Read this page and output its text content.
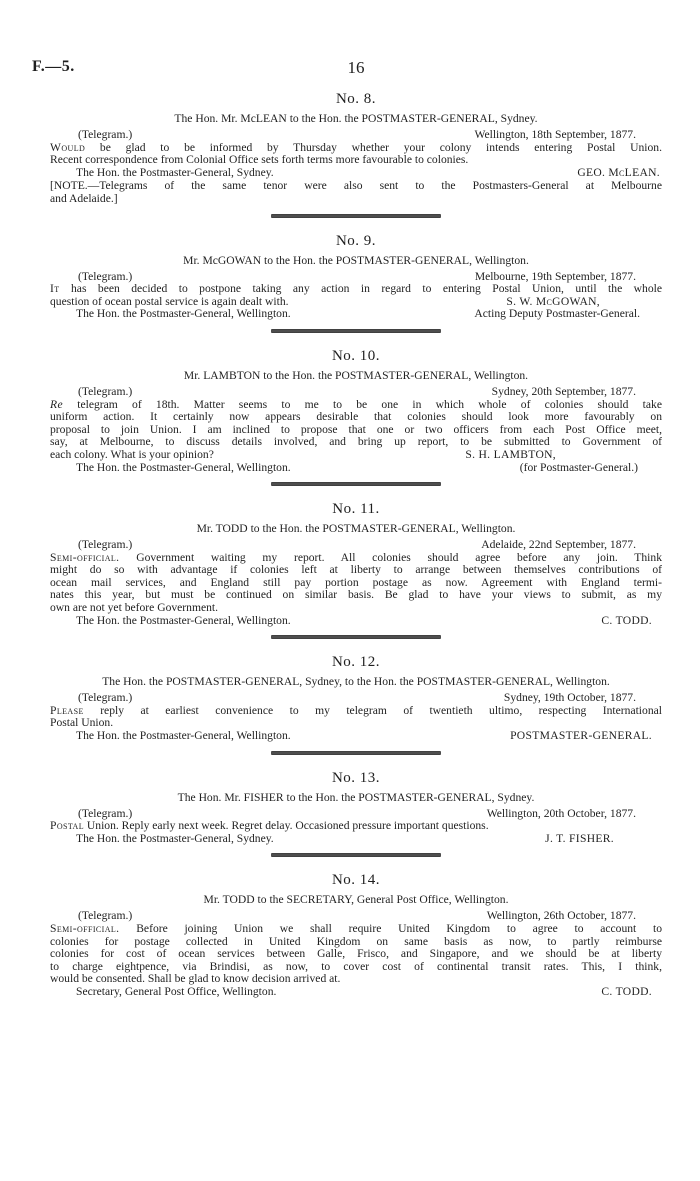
F.—5.	16
No. 8.
The Hon. Mr. McLEAN to the Hon. the POSTMASTER-GENERAL, Sydney.
(Telegram.)	Wellington, 18th September, 1877.
Would be glad to be informed by Thursday whether your colony intends entering Postal Union.
Recent correspondence from Colonial Office sets forth terms more favourable to colonies.
The Hon. the Postmaster-General, Sydney.	GEO. McLEAN.
[NOTE.—Telegrams of the same tenor were also sent to the Postmasters-General at Melbourne
and Adelaide.]
No. 9.
Mr. McGOWAN to the Hon. the POSTMASTER-GENERAL, Wellington.
(Telegram.)	Melbourne, 19th September, 1877.
It has been decided to postpone taking any action in regard to entering Postal Union, until the whole
question of ocean postal service is again dealt with.	S. W. McGOWAN,
The Hon. the Postmaster-General, Wellington.	Acting Deputy Postmaster-General.
No. 10.
Mr. LAMBTON to the Hon. the POSTMASTER-GENERAL, Wellington.
(Telegram.)	Sydney, 20th September, 1877.
Re telegram of 18th. Matter seems to me to be one in which whole of colonies should take
uniform action. It certainly now appears desirable that colonies should look more favourably on
proposal to join Union. I am inclined to propose that one or two officers from each Post Office meet,
say, at Melbourne, to discuss details involved, and bring up report, to be submitted to Government of
each colony. What is your opinion?	S. H. LAMBTON,
The Hon. the Postmaster-General, Wellington.	(for Postmaster-General.)
No. 11.
Mr. TODD to the Hon. the POSTMASTER-GENERAL, Wellington.
(Telegram.)	Adelaide, 22nd September, 1877.
Semi-official. Government waiting my report. All colonies should agree before any join. Think
might do so with advantage if colonies left at liberty to arrange between themselves contributions of
ocean mail services, and England still pay portion postage as now. Agreement with England termi-
nates this year, but must be continued on similar basis. Be glad to have your views to submit, as my
own are not yet before Government.
The Hon. the Postmaster-General, Wellington.	C. TODD.
No. 12.
The Hon. the POSTMASTER-GENERAL, Sydney, to the Hon. the POSTMASTER-GENERAL, Wellington.
(Telegram.)	Sydney, 19th October, 1877.
Please reply at earliest convenience to my telegram of twentieth ultimo, respecting International
Postal Union.
The Hon. the Postmaster-General, Wellington.	POSTMASTER-GENERAL.
No. 13.
The Hon. Mr. FISHER to the Hon. the POSTMASTER-GENERAL, Sydney.
(Telegram.)	Wellington, 20th October, 1877.
Postal Union. Reply early next week. Regret delay. Occasioned pressure important questions.
The Hon. the Postmaster-General, Sydney.	J. T. FISHER.
No. 14.
Mr. TODD to the SECRETARY, General Post Office, Wellington.
(Telegram.)	Wellington, 26th October, 1877.
Semi-official. Before joining Union we shall require United Kingdom to agree to account to
colonies for postage collected in United Kingdom on same basis as now, to partly reimburse
colonies for cost of ocean services between Galle, Frisco, and Singapore, and we should be at liberty
to charge eightpence, via Brindisi, as now, to cover cost of continental transit rates. This, I think,
would be consented. Shall be glad to know decision arrived at.
Secretary, General Post Office, Wellington.	C. TODD.
